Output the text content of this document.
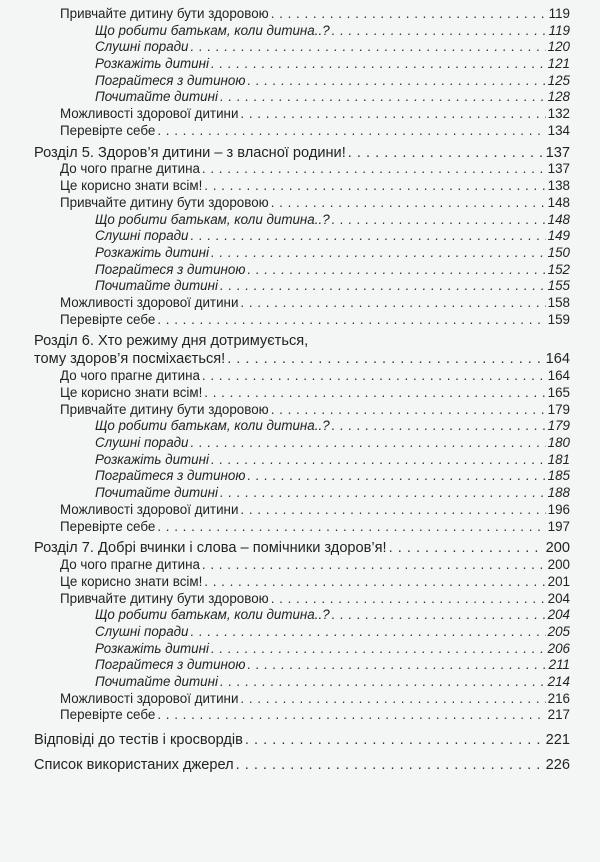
Привчайте дитину бути здоровою . . .	119
Що робити батькам, коли дитина..? . . .	119
Слушні поради . . .	120
Розкажіть дитині . . .	121
Пограйтеся з дитиною . . .	125
Почитайте дитині . . .	128
Можливості здорової дитини . . .	132
Перевірте себе . . .	134
Розділ 5. Здоров’я дитини – з власної родини! . . .	137
До чого прагне дитина . . .	137
Це корисно знати всім! . . .	138
Привчайте дитину бути здоровою . . .	148
Що робити батькам, коли дитина..? . . .	148
Слушні поради . . .	149
Розкажіть дитині . . .	150
Пограйтеся з дитиною . . .	152
Почитайте дитині . . .	155
Можливості здорової дитини . . .	158
Перевірте себе . . .	159
Розділ 6. Хто режиму дня дотримується,
тому здоров’я посміхається! . . .	164
До чого прагне дитина . . .	164
Це корисно знати всім! . . .	165
Привчайте дитину бути здоровою . . .	179
Що робити батькам, коли дитина..? . . .	179
Слушні поради . . .	180
Розкажіть дитині . . .	181
Пограйтеся з дитиною . . .	185
Почитайте дитині . . .	188
Можливості здорової дитини . . .	196
Перевірте себе . . .	197
Розділ 7. Добрі вчинки і слова – помічники здоров’я! . . .	200
До чого прагне дитина . . .	200
Це корисно знати всім! . . .	201
Привчайте дитину бути здоровою . . .	204
Що робити батькам, коли дитина..? . . .	204
Слушні поради . . .	205
Розкажіть дитині . . .	206
Пограйтеся з дитиною . . .	211
Почитайте дитині . . .	214
Можливості здорової дитини . . .	216
Перевірте себе . . .	217
Відповіді до тестів і кросвордів . . .	221
Список використаних джерел . . .	226
